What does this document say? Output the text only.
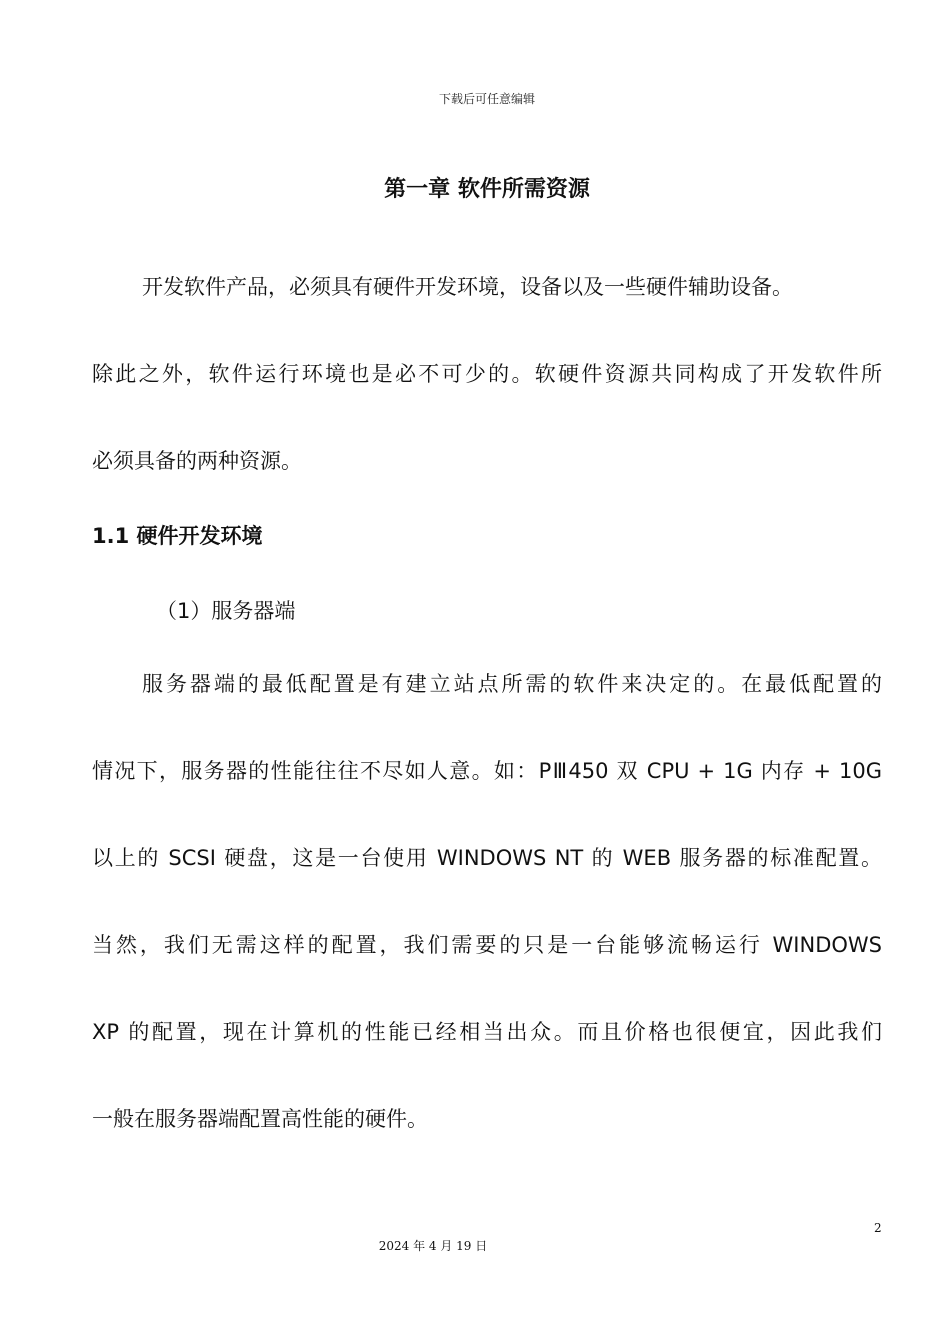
下载后可任意编辑
第一章 软件所需资源
开发软件产品，必须具有硬件开发环境，设备以及一些硬件辅助设备。
除此之外，软件运行环境也是必不可少的。软硬件资源共同构成了开发软件所
必须具备的两种资源。
1.1 硬件开发环境
（1）服务器端
服务器端的最低配置是有建立站点所需的软件来决定的。在最低配置的
情况下，服务器的性能往往不尽如人意。如：PⅢ450 双 CPU + 1G 内存 + 10G
以上的 SCSI 硬盘，这是一台使用 WINDOWS NT 的 WEB 服务器的标准配置。
当然，我们无需这样的配置，我们需要的只是一台能够流畅运行 WINDOWS
XP 的配置，现在计算机的性能已经相当出众。而且价格也很便宜，因此我们
一般在服务器端配置高性能的硬件。
2
2024 年 4 月 19 日
